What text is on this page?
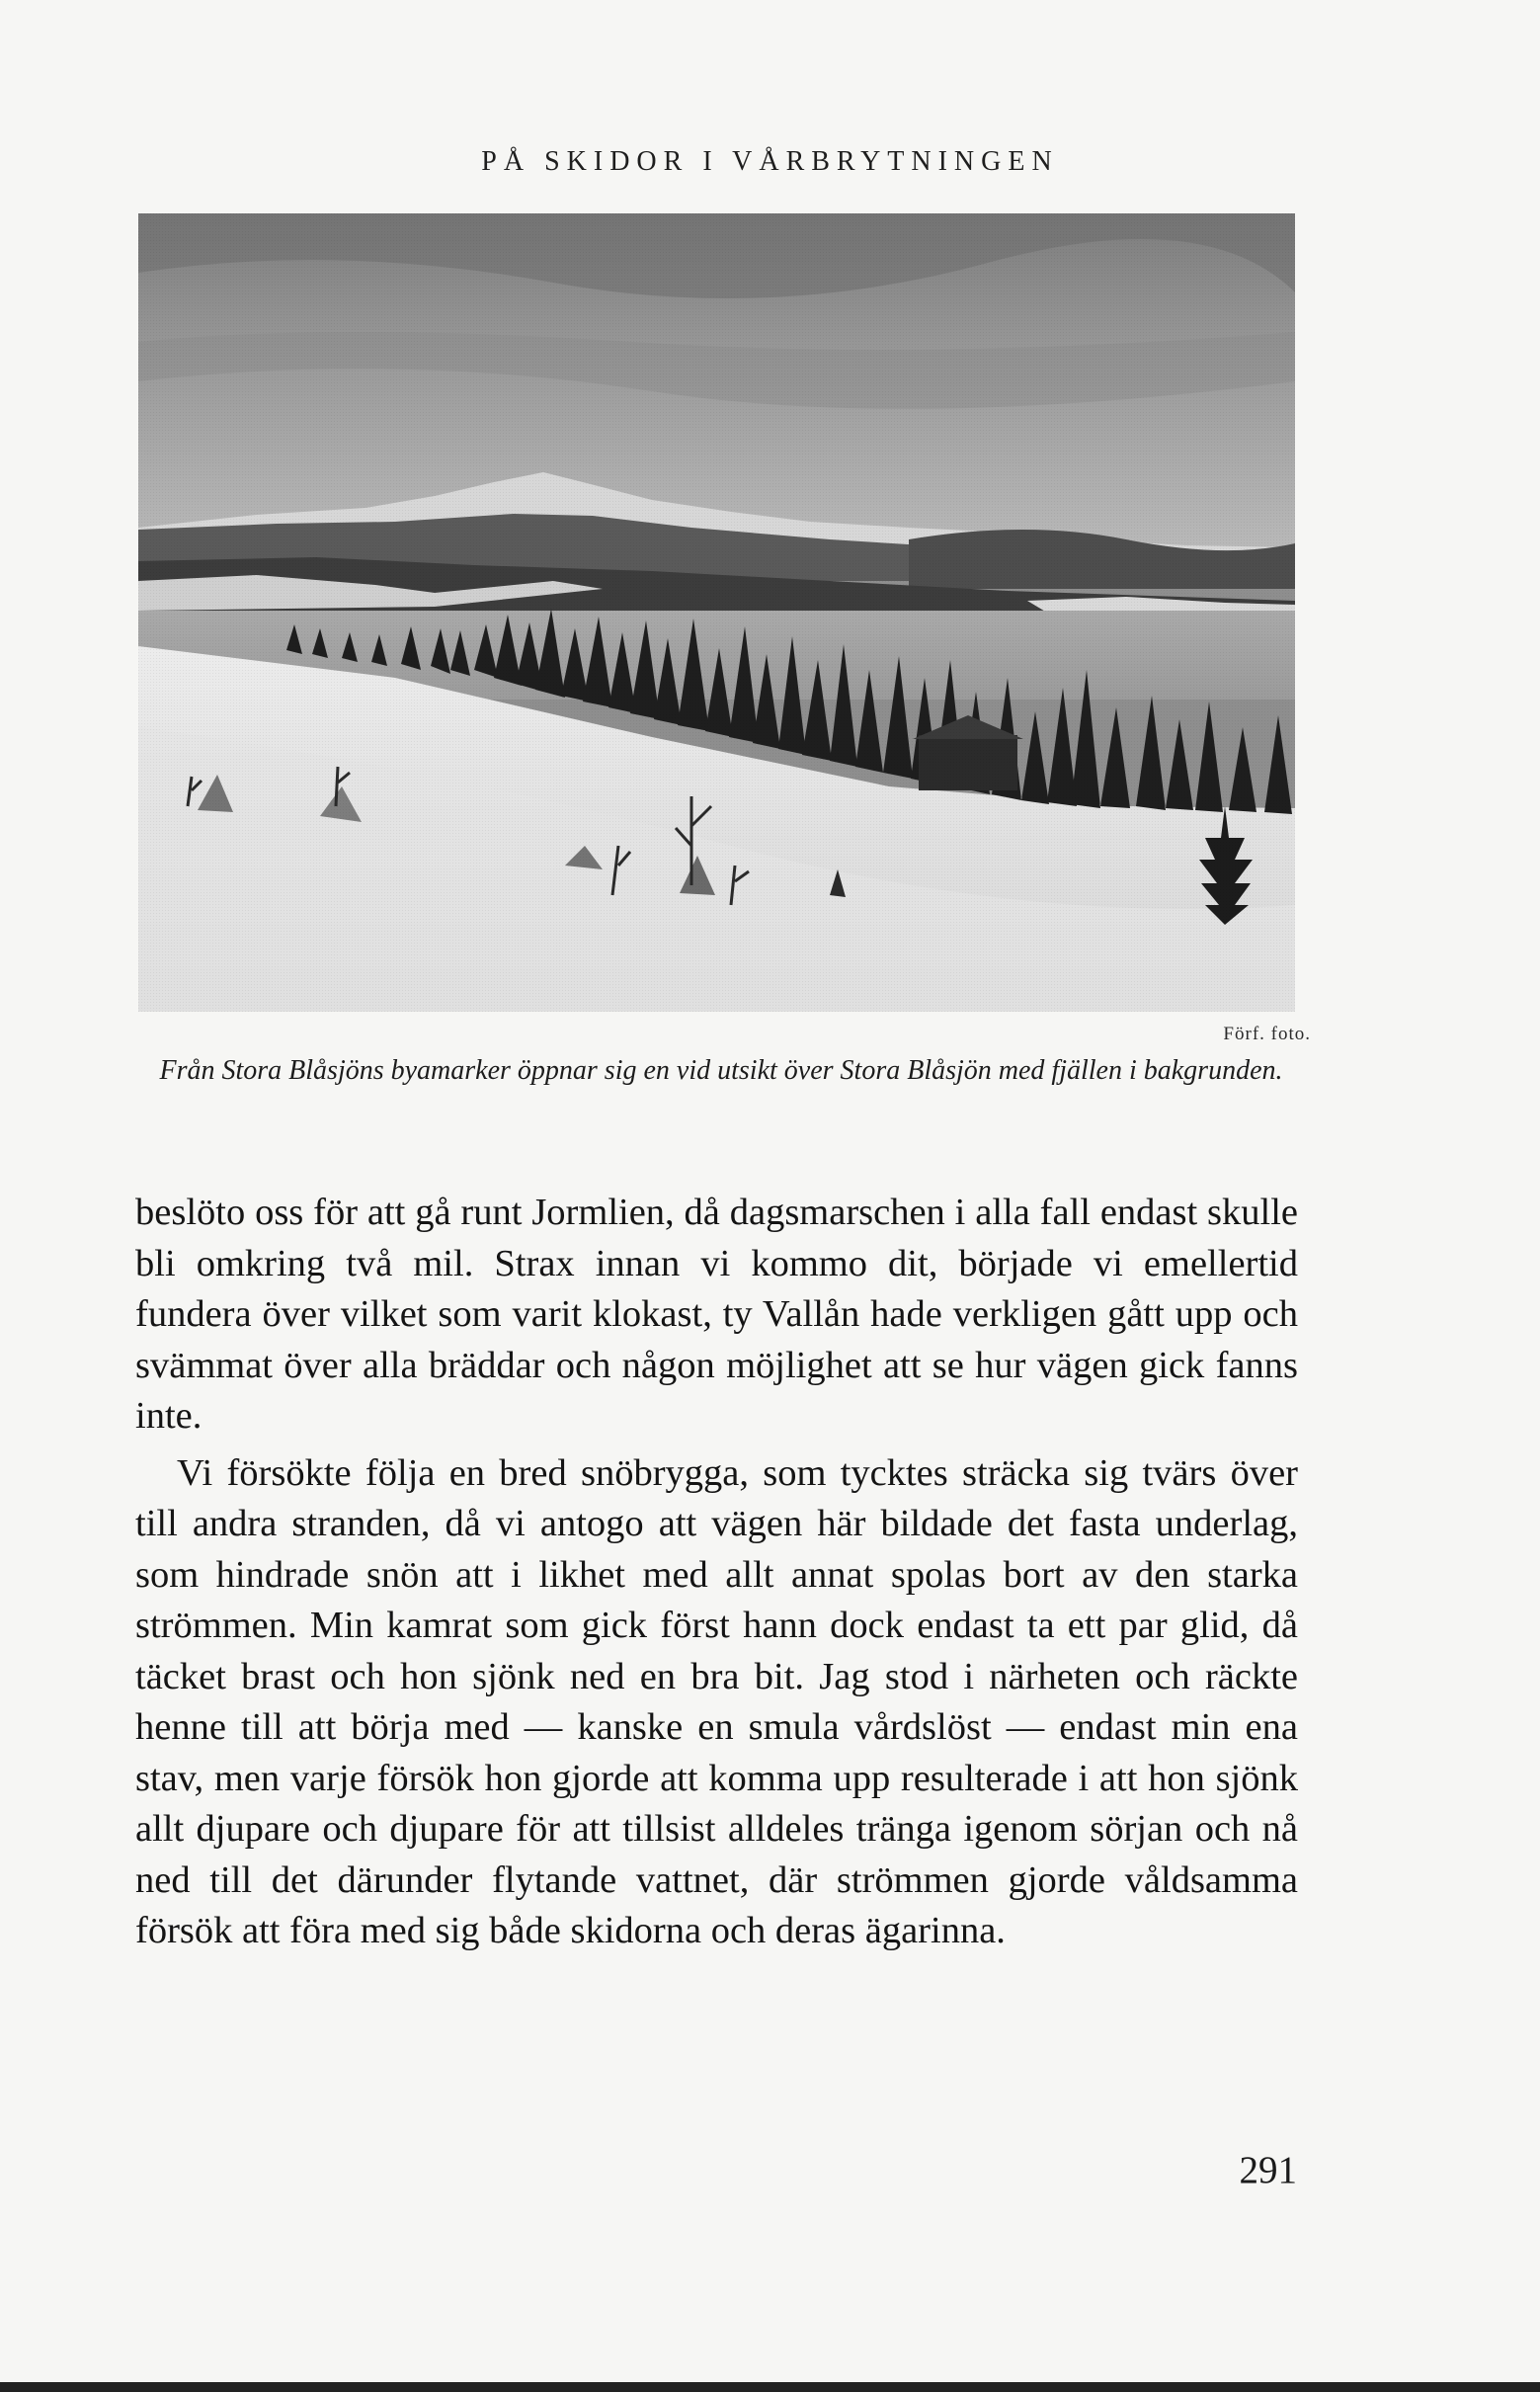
PÅ SKIDOR I VÅRBRYTNINGEN
Förf. foto.
Från Stora Blåsjöns byamarker öppnar sig en vid utsikt över Stora Blåsjön med fjällen i bakgrunden.

beslöto oss för att gå runt Jormlien, då dagsmarschen i alla fall endast skulle bli omkring två mil. Strax innan vi kommo dit, började vi emellertid fundera över vilket som varit klokast, ty Vallån hade verkligen gått upp och svämmat över alla bräddar och någon möjlighet att se hur vägen gick fanns inte.

Vi försökte följa en bred snöbrygga, som tycktes sträcka sig tvärs över till andra stranden, då vi antogo att vägen här bildade det fasta underlag, som hindrade snön att i likhet med allt annat spolas bort av den starka strömmen. Min kamrat som gick först hann dock endast ta ett par glid, då täcket brast och hon sjönk ned en bra bit. Jag stod i närheten och räckte henne till att börja med — kanske en smula vårdslöst — endast min ena stav, men varje försök hon gjorde att komma upp resulterade i att hon sjönk allt djupare och djupare för att tillsist alldeles tränga igenom sörjan och nå ned till det därunder flytande vattnet, där strömmen gjorde våldsamma försök att föra med sig både skidorna och deras ägarinna.

291
